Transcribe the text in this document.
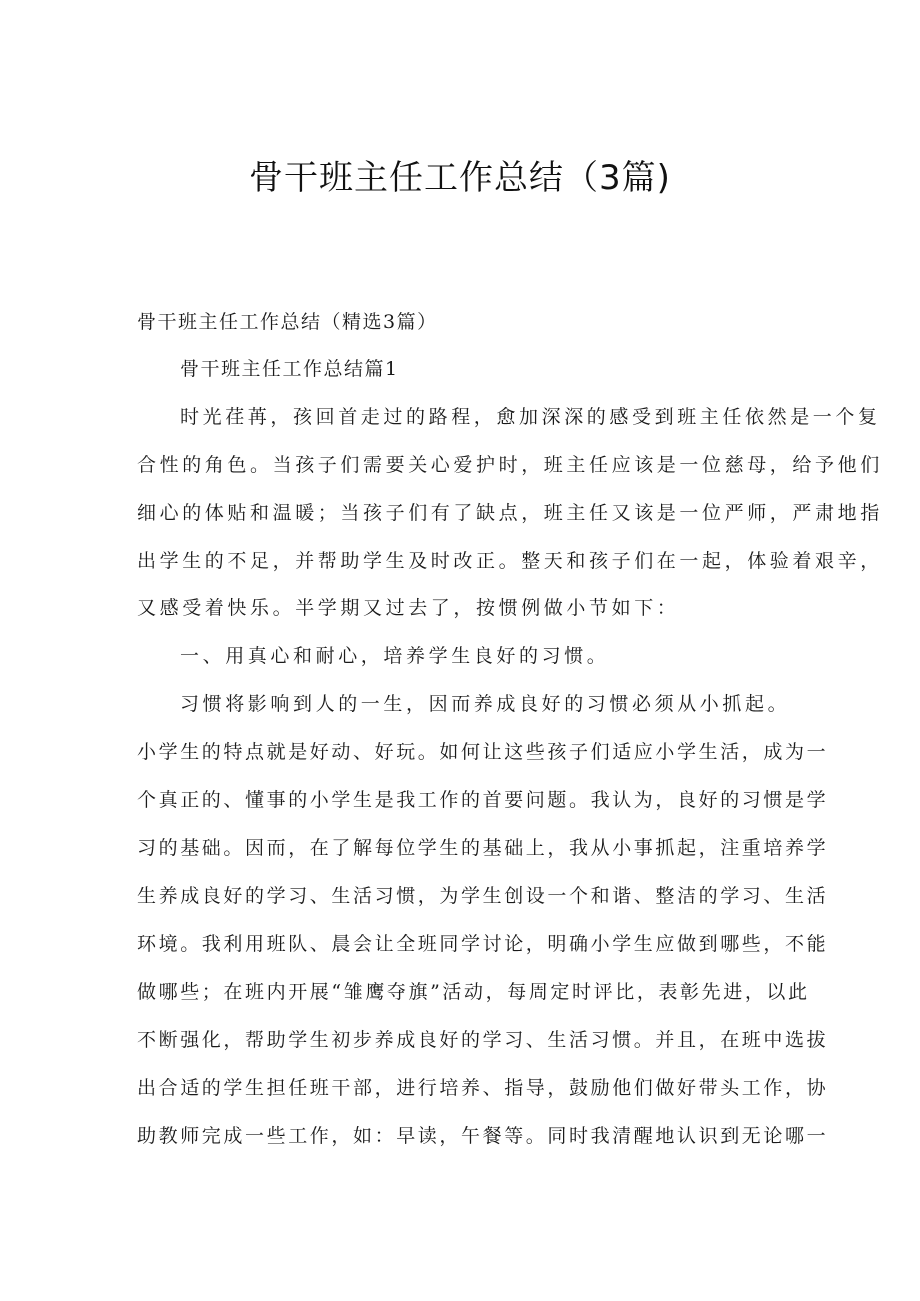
骨干班主任工作总结（3篇)
骨干班主任工作总结（精选3篇）
骨干班主任工作总结篇1
时光荏苒，孩回首走过的路程，愈加深深的感受到班主任依然是一个复
合性的角色。当孩子们需要关心爱护时，班主任应该是一位慈母，给予他们
细心的体贴和温暖；当孩子们有了缺点，班主任又该是一位严师，严肃地指
出学生的不足，并帮助学生及时改正。整天和孩子们在一起，体验着艰辛，
又感受着快乐。半学期又过去了，按惯例做小节如下：
一、用真心和耐心，培养学生良好的习惯。
习惯将影响到人的一生，因而养成良好的习惯必须从小抓起。
小学生的特点就是好动、好玩。如何让这些孩子们适应小学生活，成为一
个真正的、懂事的小学生是我工作的首要问题。我认为，良好的习惯是学
习的基础。因而，在了解每位学生的基础上，我从小事抓起，注重培养学
生养成良好的学习、生活习惯，为学生创设一个和谐、整洁的学习、生活
环境。我利用班队、晨会让全班同学讨论，明确小学生应做到哪些，不能
做哪些；在班内开展“雏鹰夺旗”活动，每周定时评比，表彰先进，以此
不断强化，帮助学生初步养成良好的学习、生活习惯。并且，在班中选拔
出合适的学生担任班干部，进行培养、指导，鼓励他们做好带头工作，协
助教师完成一些工作，如：早读，午餐等。同时我清醒地认识到无论哪一
